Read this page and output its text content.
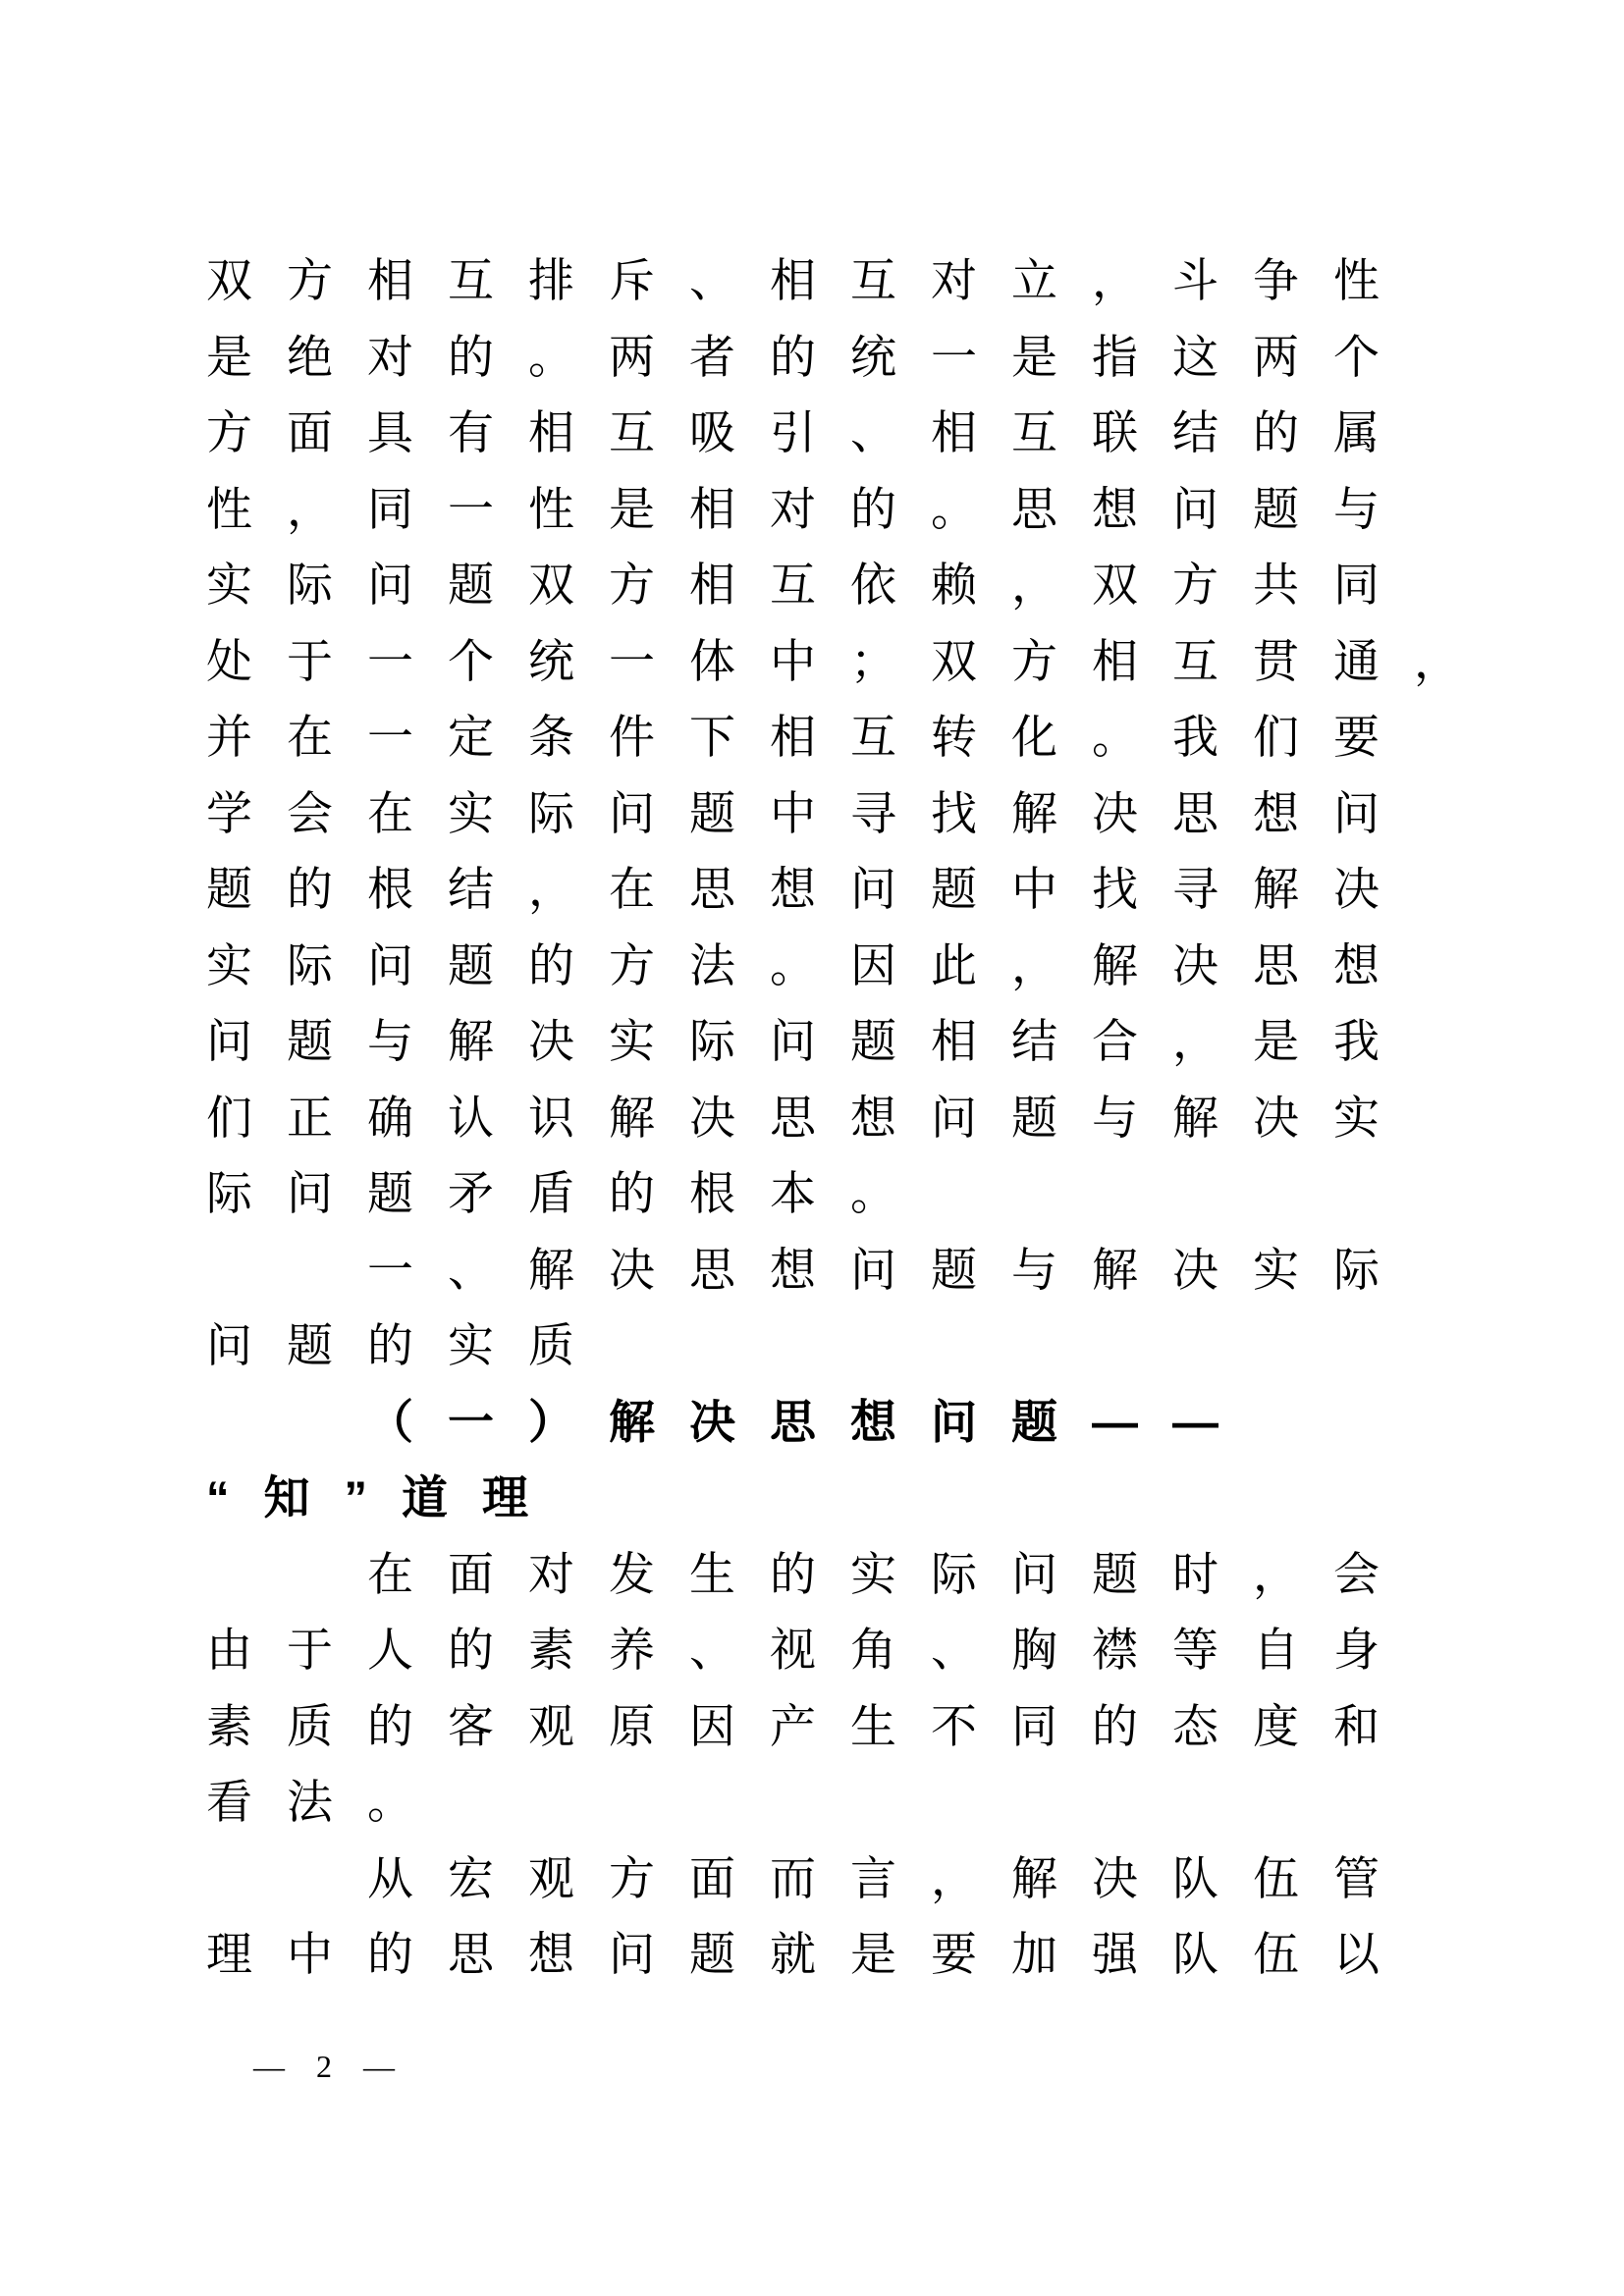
双方相互排斥、相互对立，斗争性
是绝对的。两者的统一是指这两个
方面具有相互吸引、相互联结的属
性，同一性是相对的。思想问题与
实际问题双方相互依赖，双方共同
处于一个统一体中；双方相互贯通，
并在一定条件下相互转化。我们要
学会在实际问题中寻找解决思想问
题的根结，在思想问题中找寻解决
实际问题的方法。因此，解决思想
问题与解决实际问题相结合，是我
们正确认识解决思想问题与解决实
际问题矛盾的根本。
一、解决思想问题与解决实际
问题的实质
（一）解决思想问题——
“知”道理
在面对发生的实际问题时，会
由于人的素养、视角、胸襟等自身
素质的客观原因产生不同的态度和
看法。
从宏观方面而言，解决队伍管
理中的思想问题就是要加强队伍以
— 2 —
